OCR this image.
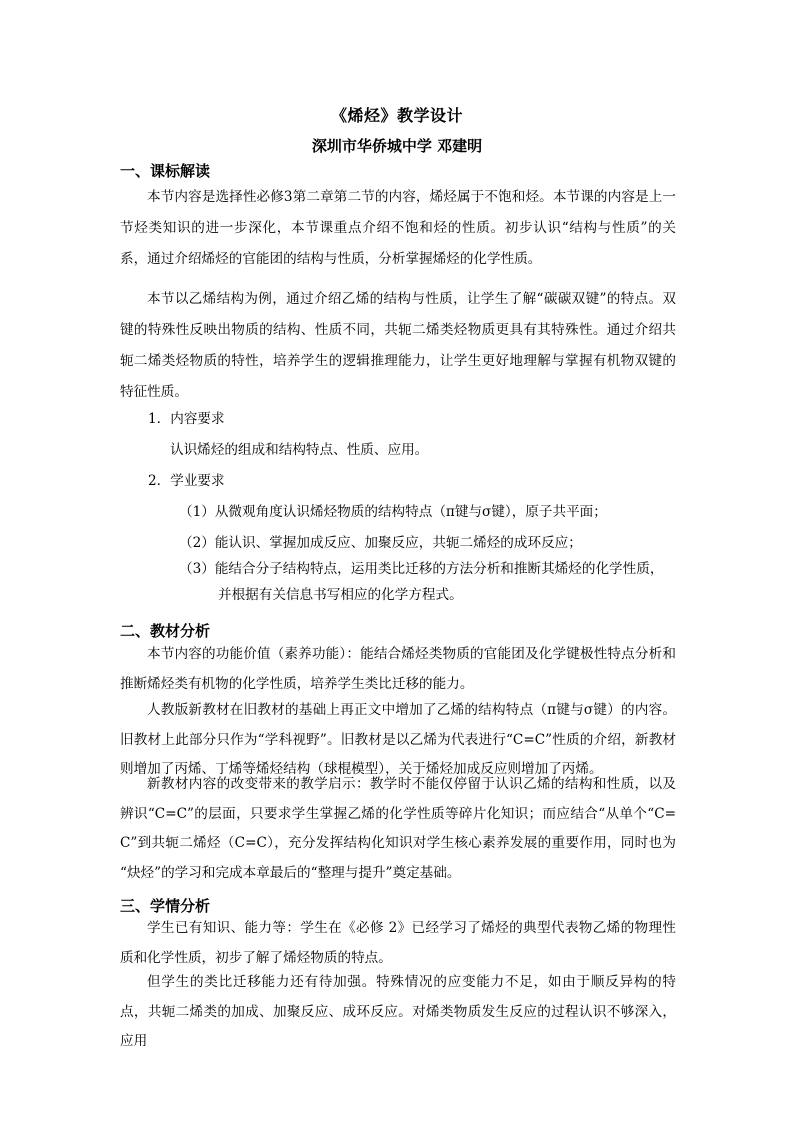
《烯烃》教学设计
深圳市华侨城中学 邓建明
一、课标解读
本节内容是选择性必修3第二章第二节的内容，烯烃属于不饱和烃。本节课的内容是上一节烃类知识的进一步深化，本节课重点介绍不饱和烃的性质。初步认识“结构与性质”的关系，通过介绍烯烃的官能团的结构与性质，分析掌握烯烃的化学性质。
本节以乙烯结构为例，通过介绍乙烯的结构与性质，让学生了解“碳碳双键”的特点。双键的特殊性反映出物质的结构、性质不同，共轭二烯类烃物质更具有其特殊性。通过介绍共轭二烯类烃物质的特性，培养学生的逻辑推理能力，让学生更好地理解与掌握有机物双键的特征性质。
1．内容要求
认识烯烃的组成和结构特点、性质、应用。
2．学业要求
（1）从微观角度认识烯烃物质的结构特点（π键与σ键），原子共平面；
（2）能认识、掌握加成反应、加聚反应，共轭二烯烃的成环反应；
（3）能结合分子结构特点，运用类比迁移的方法分析和推断其烯烃的化学性质，
并根据有关信息书写相应的化学方程式。
二、教材分析
本节内容的功能价值（素养功能）：能结合烯烃类物质的官能团及化学键极性特点分析和推断烯烃类有机物的化学性质，培养学生类比迁移的能力。
人教版新教材在旧教材的基础上再正文中增加了乙烯的结构特点（π键与σ键）的内容。旧教材上此部分只作为“学科视野”。旧教材是以乙烯为代表进行“C=C”性质的介绍，新教材则增加了丙烯、丁烯等烯烃结构（球棍模型），关于烯烃加成反应则增加了丙烯。
新教材内容的改变带来的教学启示：教学时不能仅停留于认识乙烯的结构和性质，以及辨识“C=C”的层面，只要求学生掌握乙烯的化学性质等碎片化知识；而应结合“从单个“C=C”到共轭二烯烃（C=C），充分发挥结构化知识对学生核心素养发展的重要作用，同时也为 “炔烃”的学习和完成本章最后的“整理与提升”奠定基础。
三、学情分析
学生已有知识、能力等：学生在《必修 2》已经学习了烯烃的典型代表物乙烯的物理性质和化学性质，初步了解了烯烃物质的特点。
但学生的类比迁移能力还有待加强。特殊情况的应变能力不足，如由于顺反异构的特点，共轭二烯类的加成、加聚反应、成环反应。对烯类物质发生反应的过程认识不够深入，应用
